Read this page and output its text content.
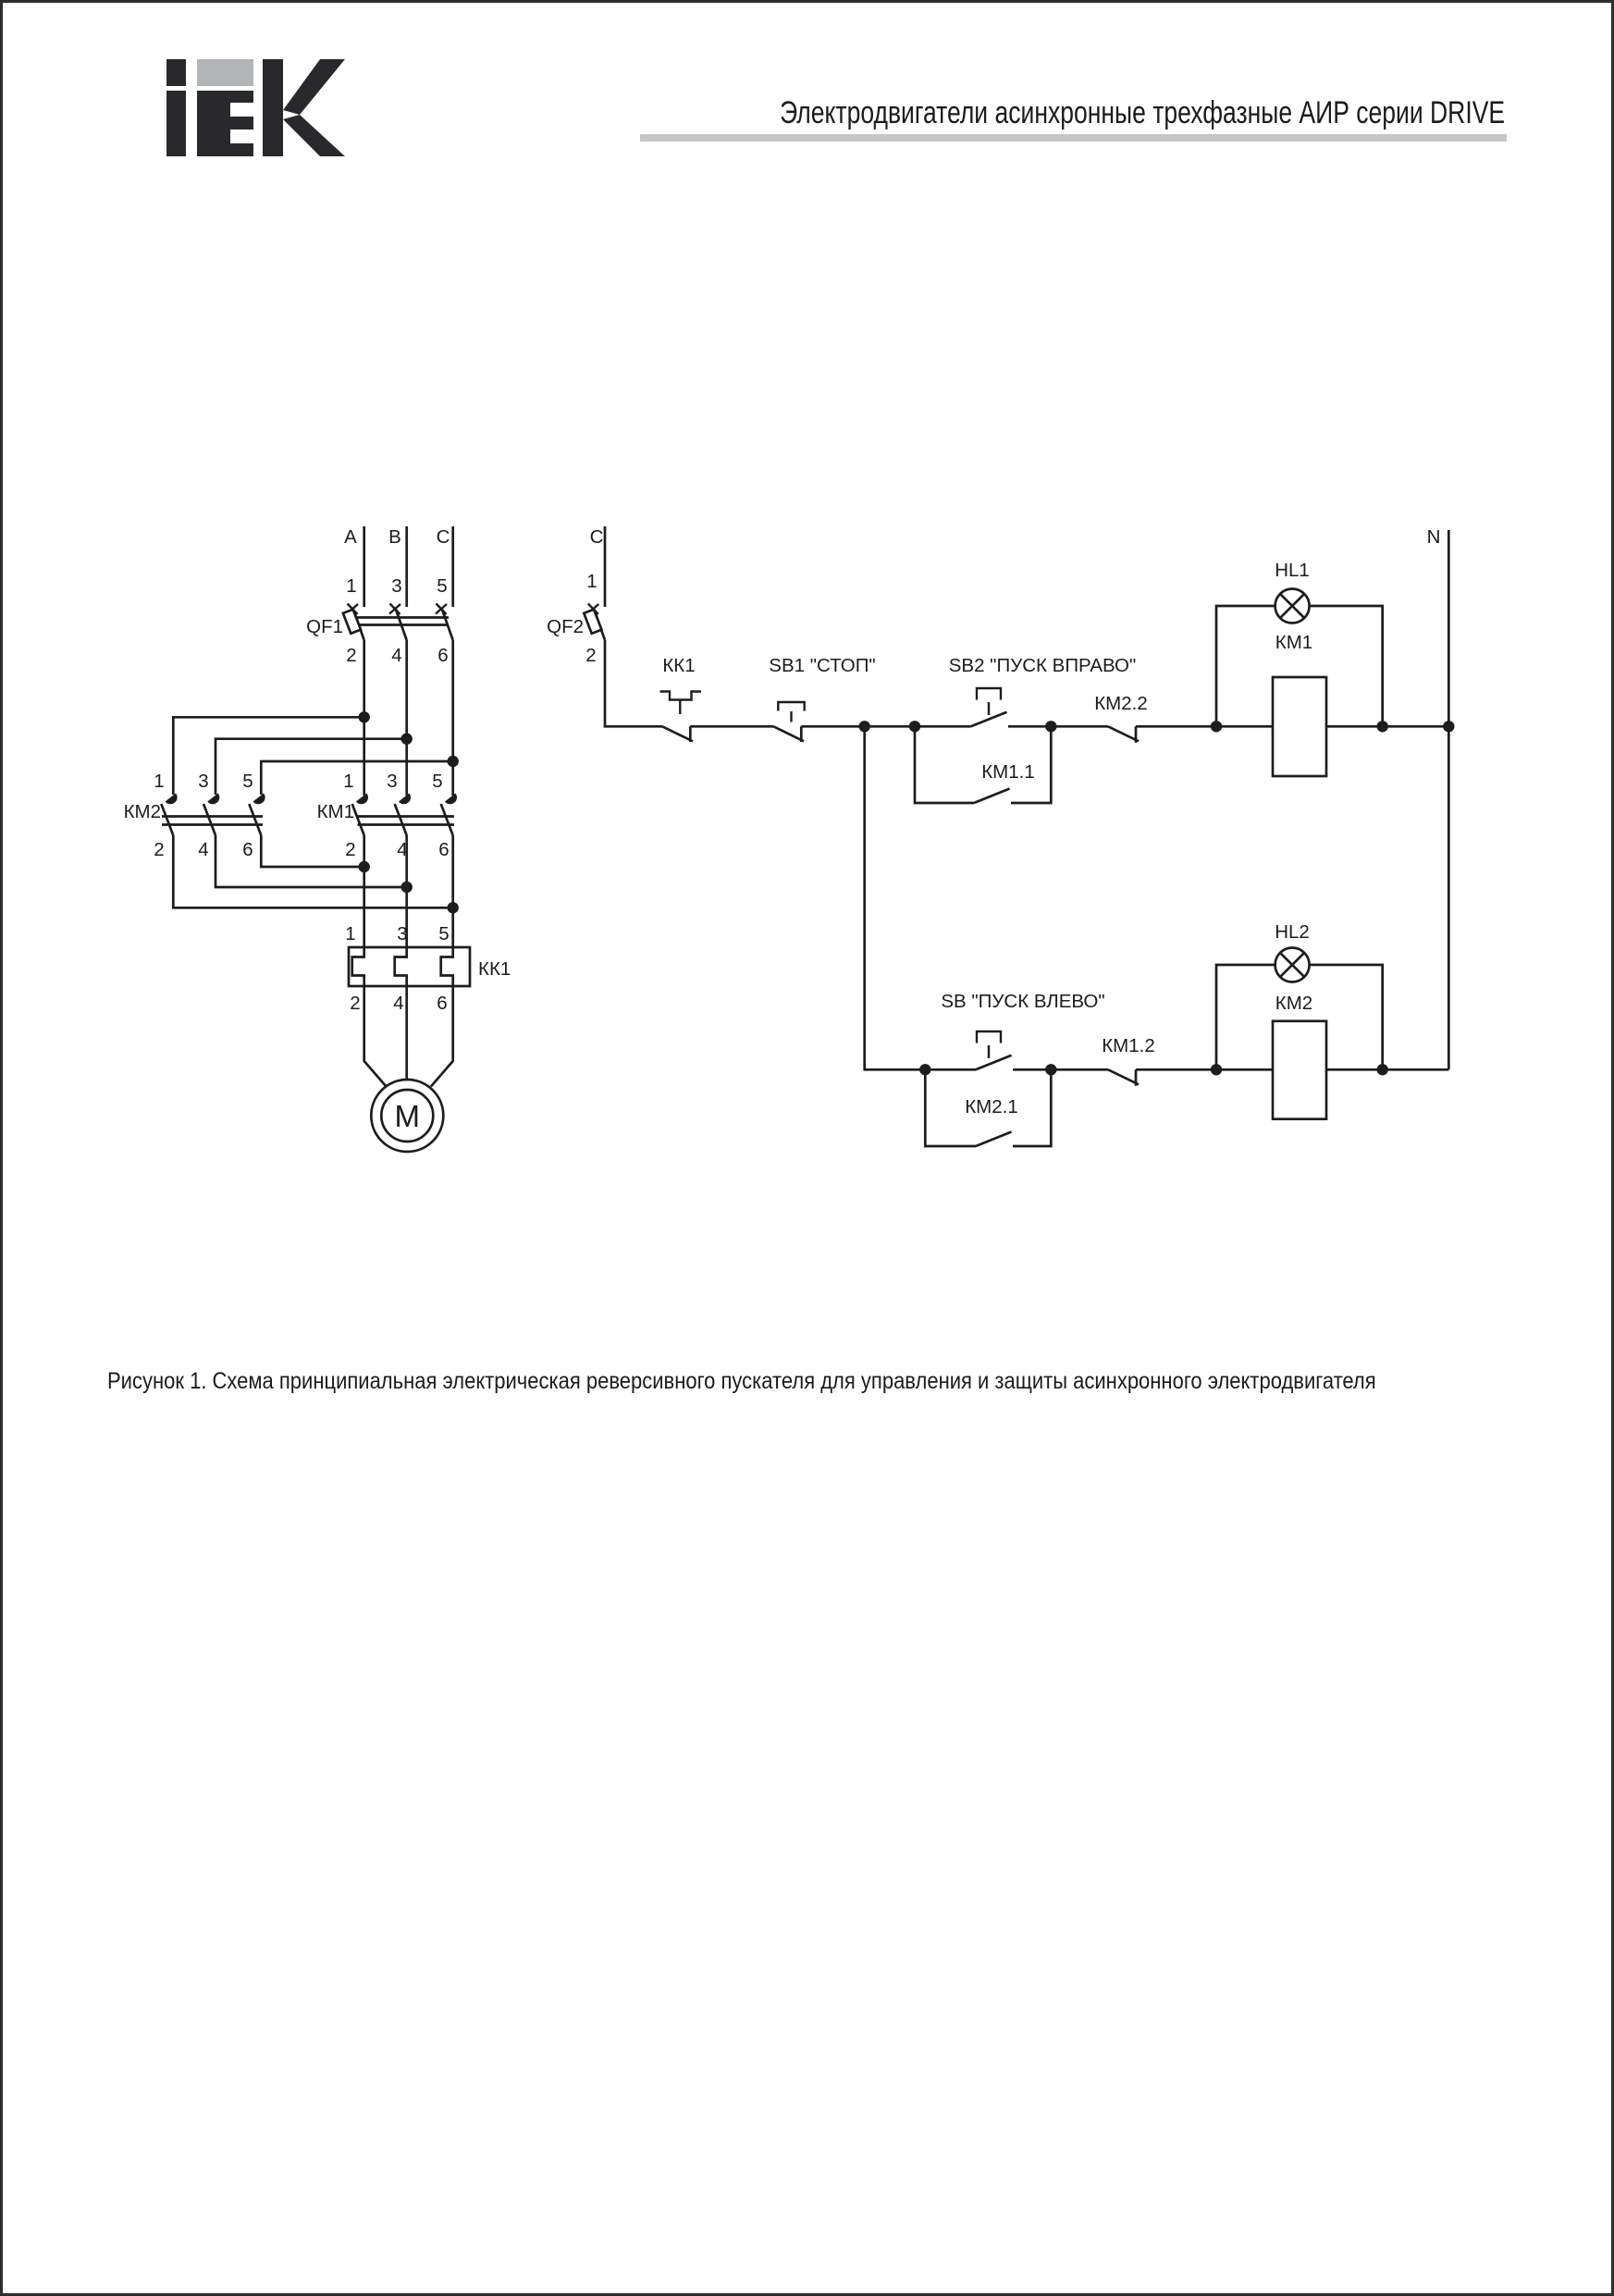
Электродвигатели асинхронные трехфазные АИР серии DRIVE
A B C	C	N
1 3 5
QF1
2 4 6
1
QF2
2
1 3 5	1 3 5
КМ2	КМ1
2 4 6	2 4 6
1 3 5
КК1
2 4 6
М
КК1	SB1 "СТОП"	SB2 "ПУСК ВПРАВО"
КМ2.2
КМ1.1
HL1
КМ1
SB "ПУСК ВЛЕВО"
КМ1.2
КМ2.1
HL2
КМ2
Рисунок 1. Схема принципиальная электрическая реверсивного пускателя для управления и защиты асинхронного электродвигателя
